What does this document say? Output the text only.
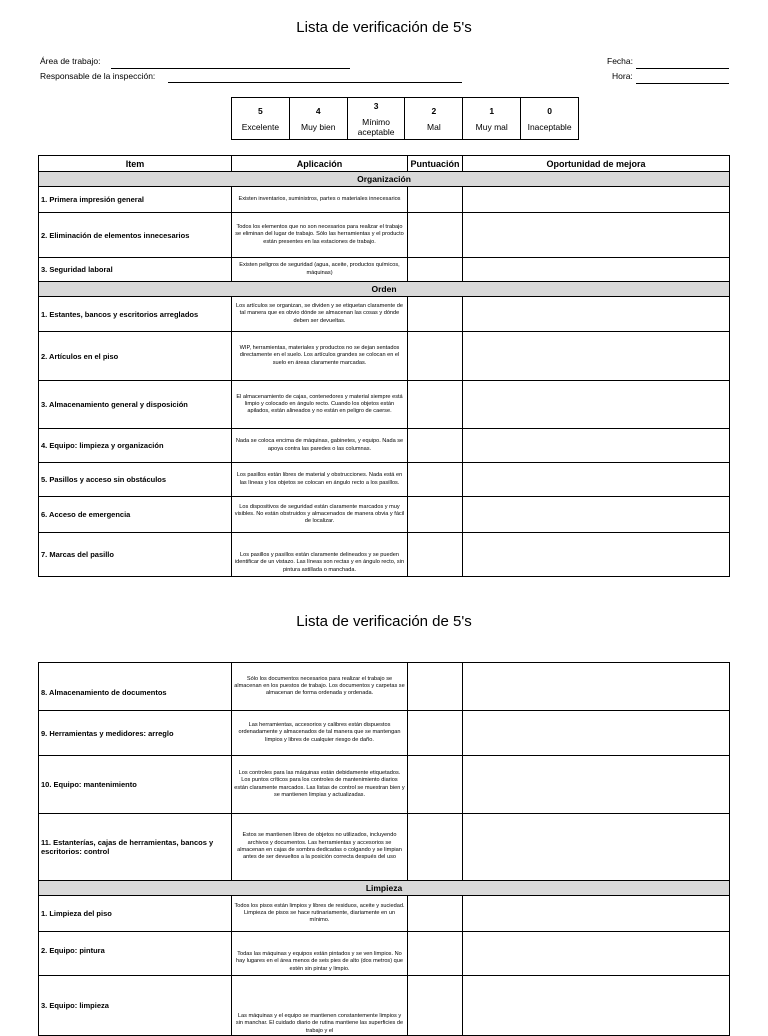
Lista de verificación de 5's
Área de trabajo:
Responsable de la inspección:
Fecha:
Hora:
5
Excelente

4
Muy bien

3
Mínimo aceptable

2
Mal

1
Muy mal

0
Inaceptable
Item	Aplicación	Puntuación	Oportunidad de mejora
Organización			
1. Primera impresión general	Existen inventarios, suministros, partes o materiales innecesarios		
2. Eliminación de elementos innecesarios	Todos los elementos que no son necesarios para realizar el trabajo se eliminan del lugar de trabajo. Sólo las herramientas y el producto están presentes en las estaciones de trabajo.		
3. Seguridad laboral	Existen peligros de seguridad (agua, aceite, productos químicos, máquinas)		
Orden			
1. Estantes, bancos y escritorios arreglados	Los artículos se organizan, se dividen y se etiquetan claramente de tal manera que es obvio dónde se almacenan las cosas y dónde deben ser devueltas.		
2. Artículos en el piso	WIP, herramientas, materiales y productos no se dejan sentados directamente en el suelo. Los artículos grandes se colocan en el suelo en áreas claramente marcadas.		
3. Almacenamiento general y disposición	El almacenamiento de cajas, contenedores y material siempre está limpio y colocado en ángulo recto. Cuando los objetos están apilados, están alineados y no están en peligro de caerse.		
4. Equipo: limpieza y organización	Nada se coloca encima de máquinas, gabinetes, y equipo. Nada se apoya contra las paredes o las columnas.		
5. Pasillos y acceso sin obstáculos	Los pasillos están libres de material y obstrucciones. Nada está en las líneas y los objetos se colocan en ángulo recto a los pasillos.		
6. Acceso de emergencia	Los dispositivos de seguridad están claramente marcados y muy visibles. No están obstruidos y almacenados de manera obvia y fácil de localizar.		
7. Marcas del pasillo	Los pasillos y pasillos están claramente delineados y se pueden identificar de un vistazo. Las líneas son rectas y en ángulo recto, sin pintura astillada o manchada.		
Lista de verificación de 5's
8. Almacenamiento de documentos	Sólo los documentos necesarios para realizar el trabajo se almacenan en los puestos de trabajo. Los documentos y carpetas se almacenan de forma ordenada y ordenada.		
9. Herramientas y medidores: arreglo	Las herramientas, accesorios y calibres están dispuestos ordenadamente y almacenados de tal manera que se mantengan limpios y libres de cualquier riesgo de daño.		
10. Equipo: mantenimiento	Los controles para las máquinas están debidamente etiquetados. Los puntos críticos para los controles de mantenimiento diarios están claramente marcados. Las listas de control se muestran bien y se mantienen limpias y actualizadas.		
11. Estanterías, cajas de herramientas, bancos y escritorios: control	Estos se mantienen libres de objetos no utilizados, incluyendo archivos y documentos. Las herramientas y accesorios se almacenan en cajas de sombra dedicadas o colgando y se limpian antes de ser devueltos a la posición correcta después del uso		
Limpieza			
1. Limpieza del piso	Todos los pisos están limpios y libres de residuos, aceite y suciedad. Limpieza de pisos se hace rutinariamente, diariamente en un mínimo.		
2. Equipo: pintura	Todas las máquinas y equipos están pintados y se ven limpios. No hay lugares en el área menos de seis pies de alto (dos metros) que estén sin pintar y limpio.		
3. Equipo: limpieza	Las máquinas y el equipo se mantienen constantemente limpios y sin manchar. El cuidado diario de rutina mantiene las superficies de trabajo y el		
